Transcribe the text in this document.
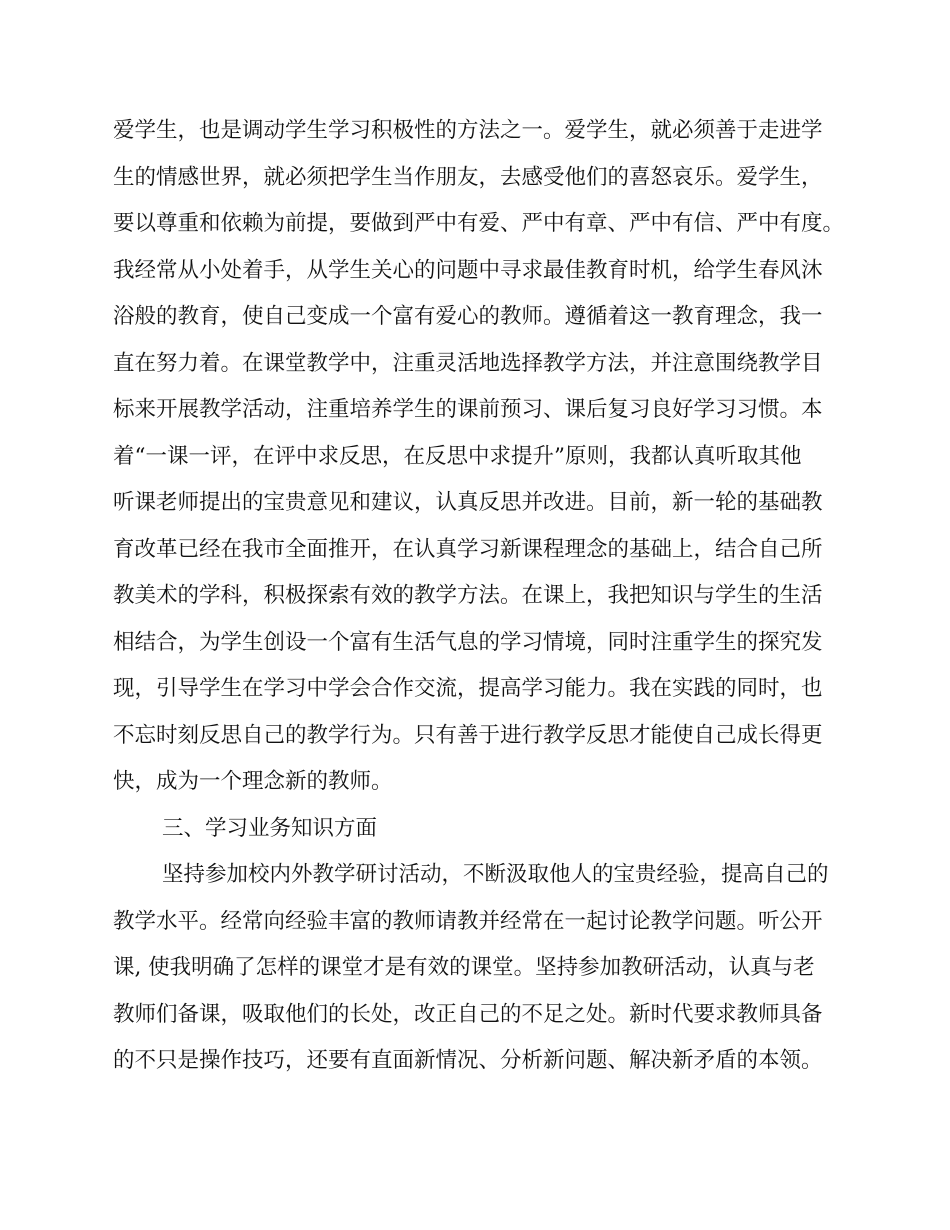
爱学生，也是调动学生学习积极性的方法之一。爱学生，就必须善于走进学
生的情感世界，就必须把学生当作朋友，去感受他们的喜怒哀乐。爱学生，
要以尊重和依赖为前提，要做到严中有爱、严中有章、严中有信、严中有度。
我经常从小处着手，从学生关心的问题中寻求最佳教育时机，给学生春风沐
浴般的教育，使自己变成一个富有爱心的教师。遵循着这一教育理念，我一
直在努力着。在课堂教学中，注重灵活地选择教学方法，并注意围绕教学目
标来开展教学活动，注重培养学生的课前预习、课后复习良好学习习惯。本
着“一课一评，在评中求反思，在反思中求提升”原则，我都认真听取其他
听课老师提出的宝贵意见和建议，认真反思并改进。目前，新一轮的基础教
育改革已经在我市全面推开，在认真学习新课程理念的基础上，结合自己所
教美术的学科，积极探索有效的教学方法。在课上，我把知识与学生的生活
相结合，为学生创设一个富有生活气息的学习情境，同时注重学生的探究发
现，引导学生在学习中学会合作交流，提高学习能力。我在实践的同时，也
不忘时刻反思自己的教学行为。只有善于进行教学反思才能使自己成长得更
快，成为一个理念新的教师。
三、学习业务知识方面
坚持参加校内外教学研讨活动，不断汲取他人的宝贵经验，提高自己的
教学水平。经常向经验丰富的教师请教并经常在一起讨论教学问题。听公开
课, 使我明确了怎样的课堂才是有效的课堂。坚持参加教研活动，认真与老
教师们备课，吸取他们的长处，改正自己的不足之处。新时代要求教师具备
的不只是操作技巧，还要有直面新情况、分析新问题、解决新矛盾的本领。
